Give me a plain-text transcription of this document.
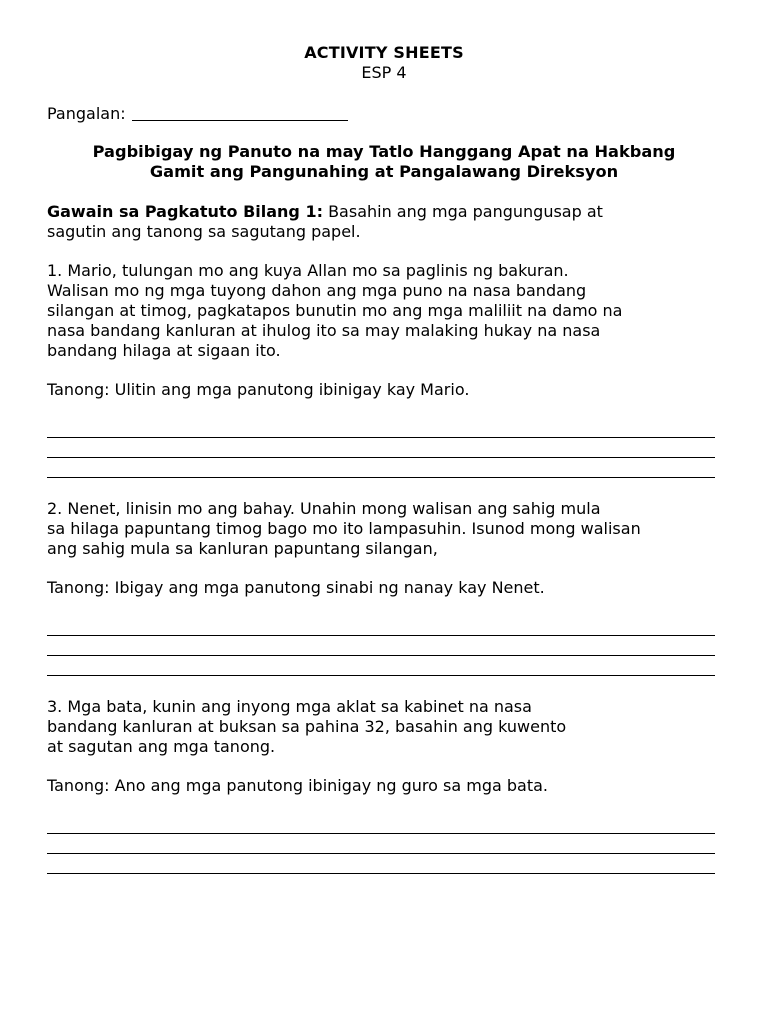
ACTIVITY SHEETS
ESP 4
Pangalan:
Pagbibigay ng Panuto na may Tatlo Hanggang Apat na Hakbang
Gamit ang Pangunahing at Pangalawang Direksyon
Gawain sa Pagkatuto Bilang 1: Basahin ang mga pangungusap at
sagutin ang tanong sa sagutang papel.
1. Mario, tulungan mo ang kuya Allan mo sa paglinis ng bakuran.
Walisan mo ng mga tuyong dahon ang mga puno na nasa bandang
silangan at timog, pagkatapos bunutin mo ang mga maliliit na damo na
nasa bandang kanluran at ihulog ito sa may malaking hukay na nasa
bandang hilaga at sigaan ito.
Tanong: Ulitin ang mga panutong ibinigay kay Mario.
2. Nenet, linisin mo ang bahay. Unahin mong walisan ang sahig mula
sa hilaga papuntang timog bago mo ito lampasuhin. Isunod mong walisan
ang sahig mula sa kanluran papuntang silangan,
Tanong: Ibigay ang mga panutong sinabi ng nanay kay Nenet.
3. Mga bata, kunin ang inyong mga aklat sa kabinet na nasa
bandang kanluran at buksan sa pahina 32, basahin ang kuwento
at sagutan ang mga tanong.
Tanong: Ano ang mga panutong ibinigay ng guro sa mga bata.
